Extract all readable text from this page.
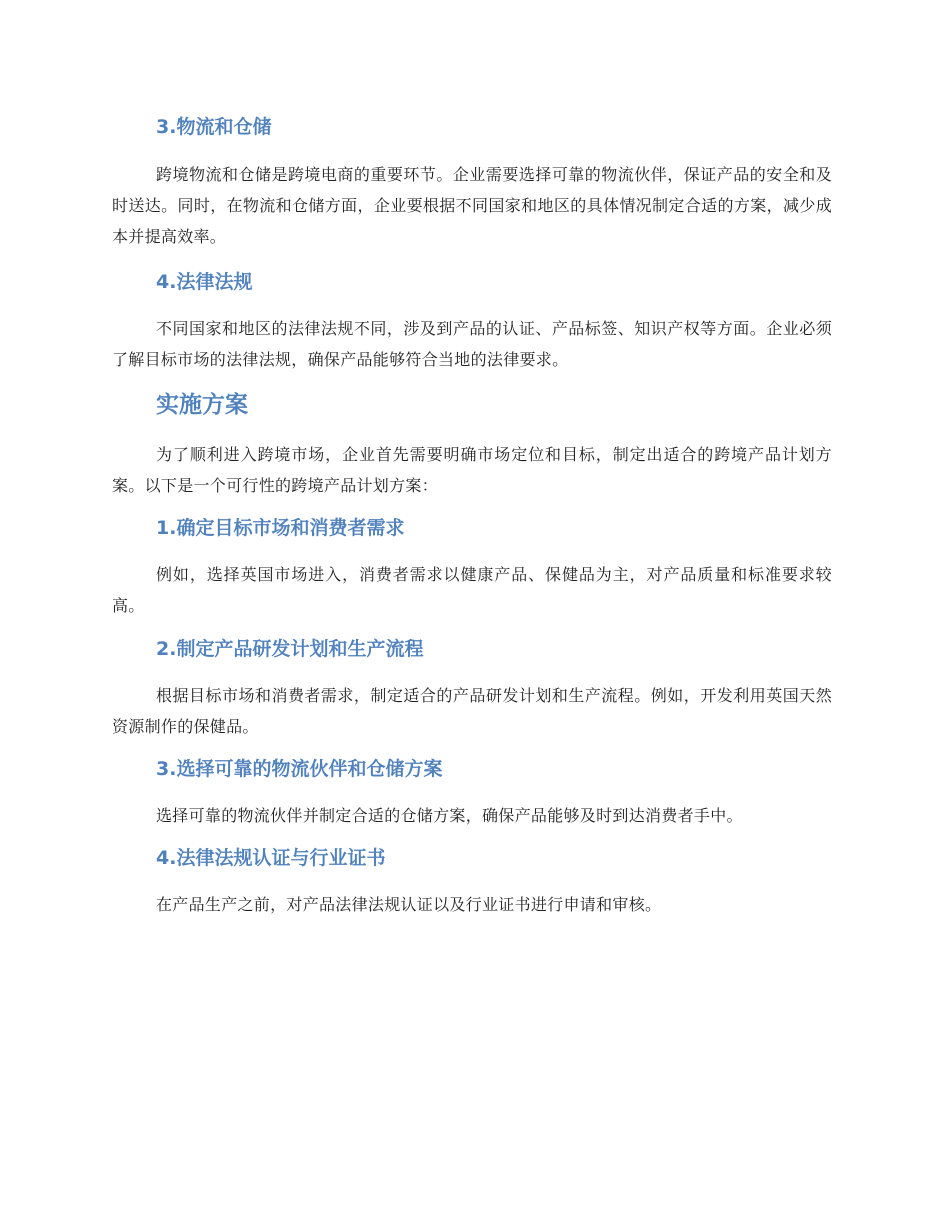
3.物流和仓储
跨境物流和仓储是跨境电商的重要环节。企业需要选择可靠的物流伙伴，保证产品的安全和及时送达。同时，在物流和仓储方面，企业要根据不同国家和地区的具体情况制定合适的方案，减少成本并提高效率。
4.法律法规
不同国家和地区的法律法规不同，涉及到产品的认证、产品标签、知识产权等方面。企业必须了解目标市场的法律法规，确保产品能够符合当地的法律要求。
实施方案
为了顺利进入跨境市场，企业首先需要明确市场定位和目标，制定出适合的跨境产品计划方案。以下是一个可行性的跨境产品计划方案：
1.确定目标市场和消费者需求
例如，选择英国市场进入，消费者需求以健康产品、保健品为主，对产品质量和标准要求较高。
2.制定产品研发计划和生产流程
根据目标市场和消费者需求，制定适合的产品研发计划和生产流程。例如，开发利用英国天然资源制作的保健品。
3.选择可靠的物流伙伴和仓储方案
选择可靠的物流伙伴并制定合适的仓储方案，确保产品能够及时到达消费者手中。
4.法律法规认证与行业证书
在产品生产之前，对产品法律法规认证以及行业证书进行申请和审核。
